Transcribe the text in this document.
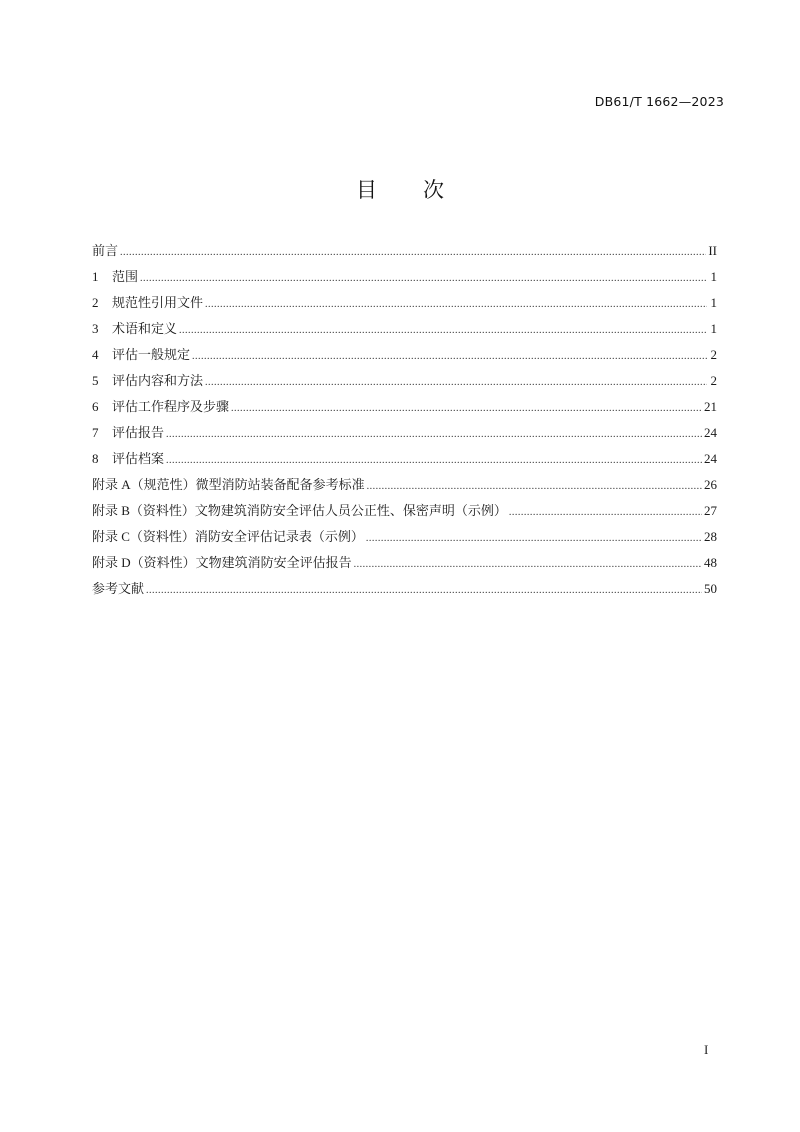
DB61/T 1662—2023
目 次
前言 .....	II
1	范围 .....	1
2	规范性引用文件 .....	1
3	术语和定义 .....	1
4	评估一般规定 .....	2
5	评估内容和方法 .....	2
6	评估工作程序及步骤 .....	21
7	评估报告 .....	24
8	评估档案 .....	24
附录 A（规范性）微型消防站装备配备参考标准 .....	26
附录 B（资料性）文物建筑消防安全评估人员公正性、保密声明（示例） .....	27
附录 C（资料性）消防安全评估记录表（示例） .....	28
附录 D（资料性）文物建筑消防安全评估报告 .....	48
参考文献 .....	50
I
